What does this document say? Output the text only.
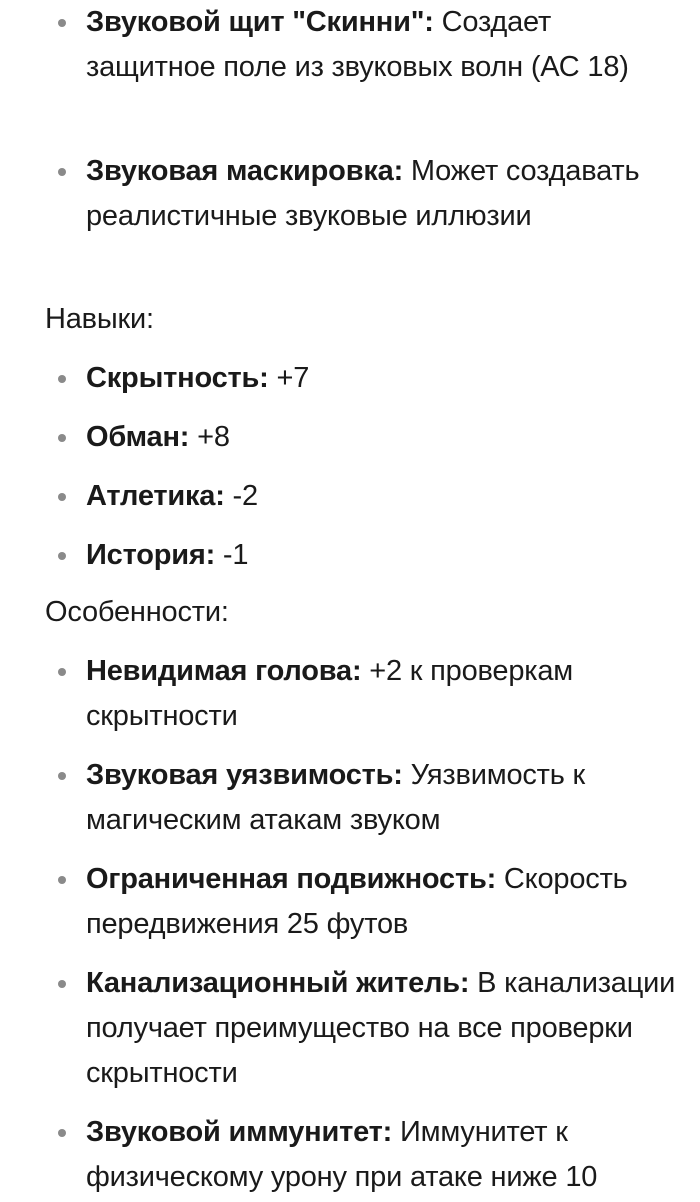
Звуковой щит "Скинни": Создает защитное поле из звуковых волн (АС 18)
Звуковая маскировка: Может создавать реалистичные звуковые иллюзии
Навыки:
Скрытность: +7
Обман: +8
Атлетика: -2
История: -1
Особенности:
Невидимая голова: +2 к проверкам скрытности
Звуковая уязвимость: Уязвимость к магическим атакам звуком
Ограниченная подвижность: Скорость передвижения 25 футов
Канализационный житель: В канализации получает преимущество на все проверки скрытности
Звуковой иммунитет: Иммунитет к физическому урону при атаке ниже 10
